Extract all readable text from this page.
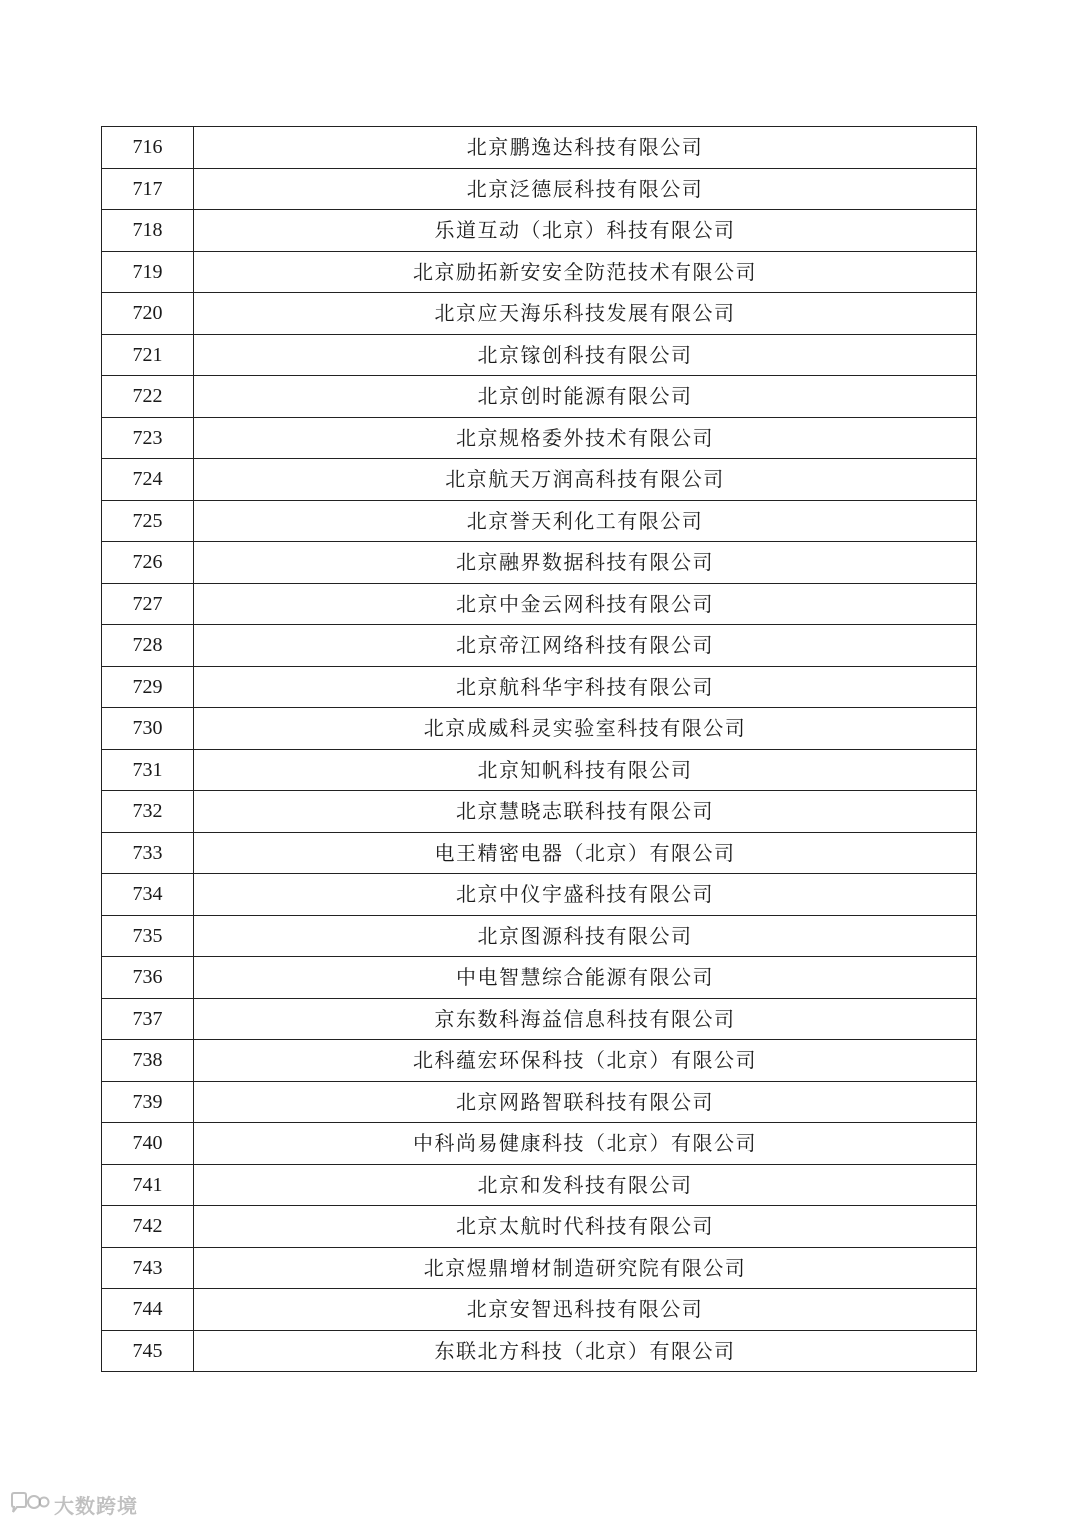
716	北京鹏逸达科技有限公司
717	北京泛德辰科技有限公司
718	乐道互动（北京）科技有限公司
719	北京励拓新安安全防范技术有限公司
720	北京应天海乐科技发展有限公司
721	北京镓创科技有限公司
722	北京创时能源有限公司
723	北京规格委外技术有限公司
724	北京航天万润高科技有限公司
725	北京誉天利化工有限公司
726	北京融界数据科技有限公司
727	北京中金云网科技有限公司
728	北京帝江网络科技有限公司
729	北京航科华宇科技有限公司
730	北京成威科灵实验室科技有限公司
731	北京知帆科技有限公司
732	北京慧晓志联科技有限公司
733	电王精密电器（北京）有限公司
734	北京中仪宇盛科技有限公司
735	北京图源科技有限公司
736	中电智慧综合能源有限公司
737	京东数科海益信息科技有限公司
738	北科蕴宏环保科技（北京）有限公司
739	北京网路智联科技有限公司
740	中科尚易健康科技（北京）有限公司
741	北京和发科技有限公司
742	北京太航时代科技有限公司
743	北京煜鼎增材制造研究院有限公司
744	北京安智迅科技有限公司
745	东联北方科技（北京）有限公司
大数跨境
